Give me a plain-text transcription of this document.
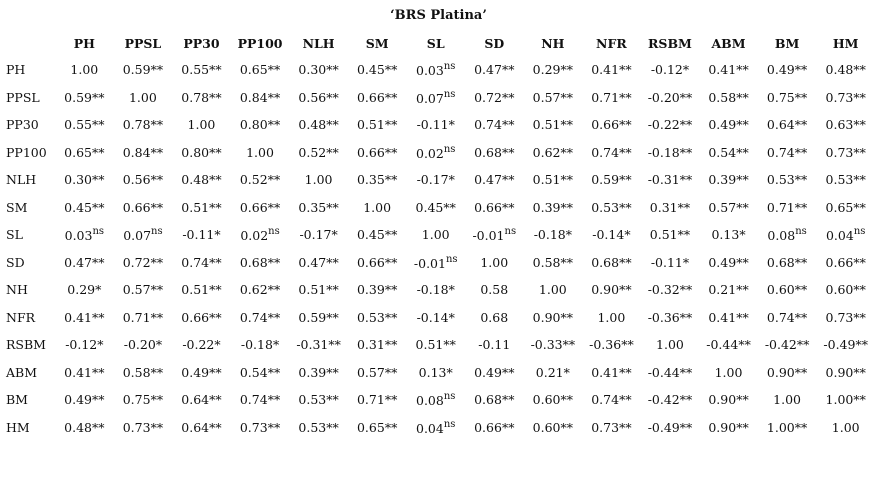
‘BRS Platina’
	PH	PPSL	PP30	PP100	NLH	SM	SL	SD	NH	NFR	RSBM	ABM	BM	HM
PH	1.00	0.59**	0.55**	0.65**	0.30**	0.45**	$0.03^{ns}$	0.47**	0.29**	0.41**	-0.12*	0.41**	0.49**	0.48**
PPSL	0.59**	1.00	0.78**	0.84**	0.56**	0.66**	$0.07^{ns}$	0.72**	0.57**	0.71**	-0.20**	0.58**	0.75**	0.73**
PP30	0.55**	0.78**	1.00	0.80**	0.48**	0.51**	-0.11*	0.74**	0.51**	0.66**	-0.22**	0.49**	0.64**	0.63**
PP100	0.65**	0.84**	0.80**	1.00	0.52**	0.66**	$0.02^{ns}$	0.68**	0.62**	0.74**	-0.18**	0.54**	0.74**	0.73**
NLH	0.30**	0.56**	0.48**	0.52**	1.00	0.35**	-0.17*	0.47**	0.51**	0.59**	-0.31**	0.39**	0.53**	0.53**
SM	0.45**	0.66**	0.51**	0.66**	0.35**	1.00	0.45**	0.66**	0.39**	0.53**	0.31**	0.57**	0.71**	0.65**
SL	$0.03^{ns}$	$0.07^{ns}$	-0.11*	$0.02^{ns}$	-0.17*	0.45**	1.00	$-0.01^{ns}$	-0.18*	-0.14*	0.51**	0.13*	$0.08^{ns}$	$0.04^{ns}$
SD	0.47**	0.72**	0.74**	0.68**	0.47**	0.66**	$-0.01^{ns}$	1.00	0.58**	0.68**	-0.11*	0.49**	0.68**	0.66**
NH	0.29*	0.57**	0.51**	0.62**	0.51**	0.39**	-0.18*	0.58	1.00	0.90**	-0.32**	0.21**	0.60**	0.60**
NFR	0.41**	0.71**	0.66**	0.74**	0.59**	0.53**	-0.14*	0.68	0.90**	1.00	-0.36**	0.41**	0.74**	0.73**
RSBM	-0.12*	-0.20*	-0.22*	-0.18*	-0.31**	0.31**	0.51**	-0.11	-0.33**	-0.36**	1.00	-0.44**	-0.42**	-0.49**
ABM	0.41**	0.58**	0.49**	0.54**	0.39**	0.57**	0.13*	0.49**	0.21*	0.41**	-0.44**	1.00	0.90**	0.90**
BM	0.49**	0.75**	0.64**	0.74**	0.53**	0.71**	$0.08^{ns}$	0.68**	0.60**	0.74**	-0.42**	0.90**	1.00	1.00**
HM	0.48**	0.73**	0.64**	0.73**	0.53**	0.65**	$0.04^{ns}$	0.66**	0.60**	0.73**	-0.49**	0.90**	1.00**	1.00
